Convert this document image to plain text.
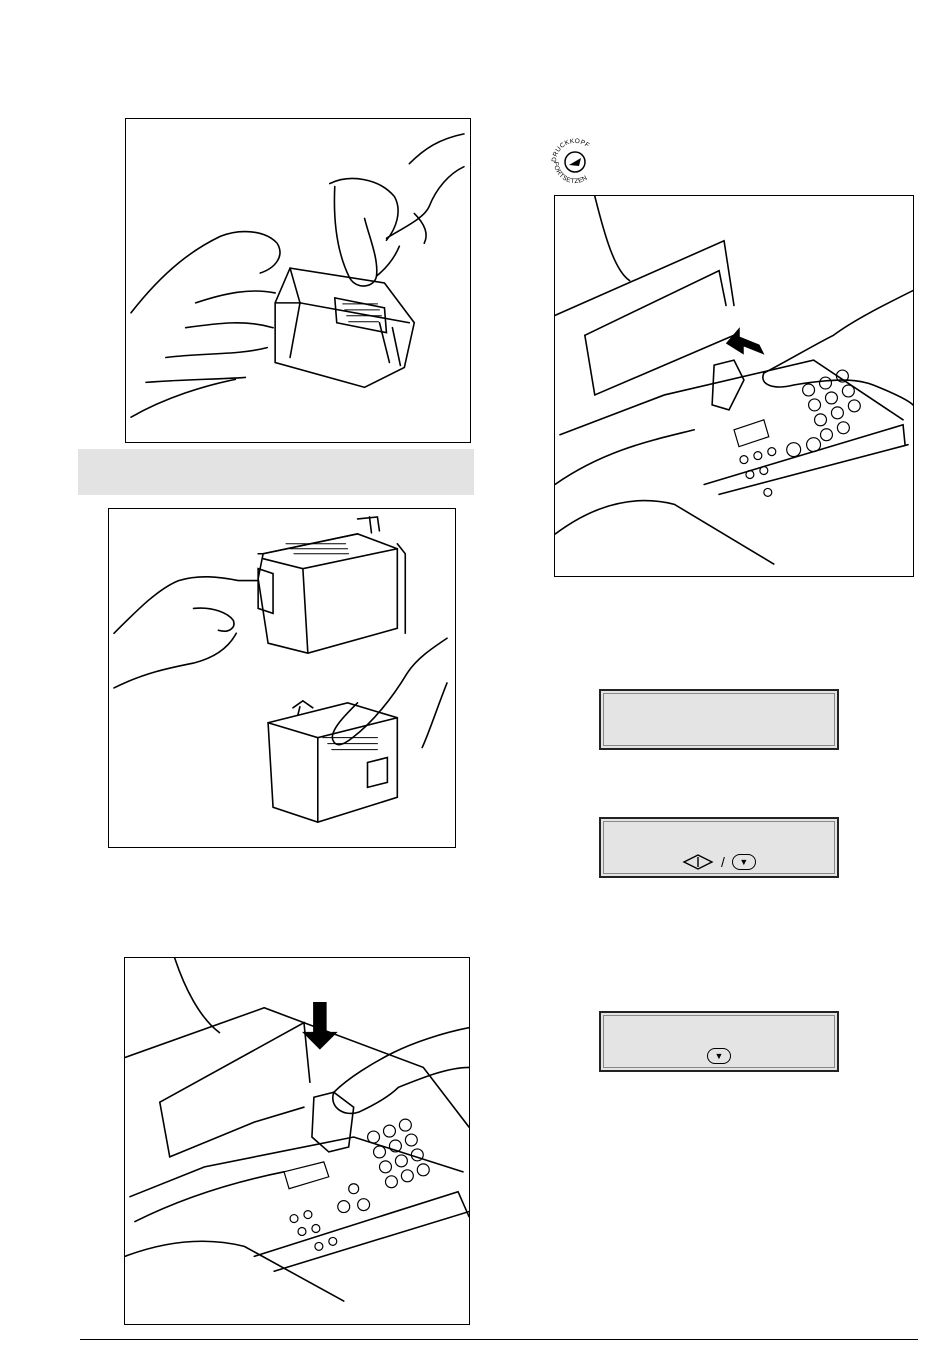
DRUCKKOPF
FORTSETZEN
/ ▼
▼
